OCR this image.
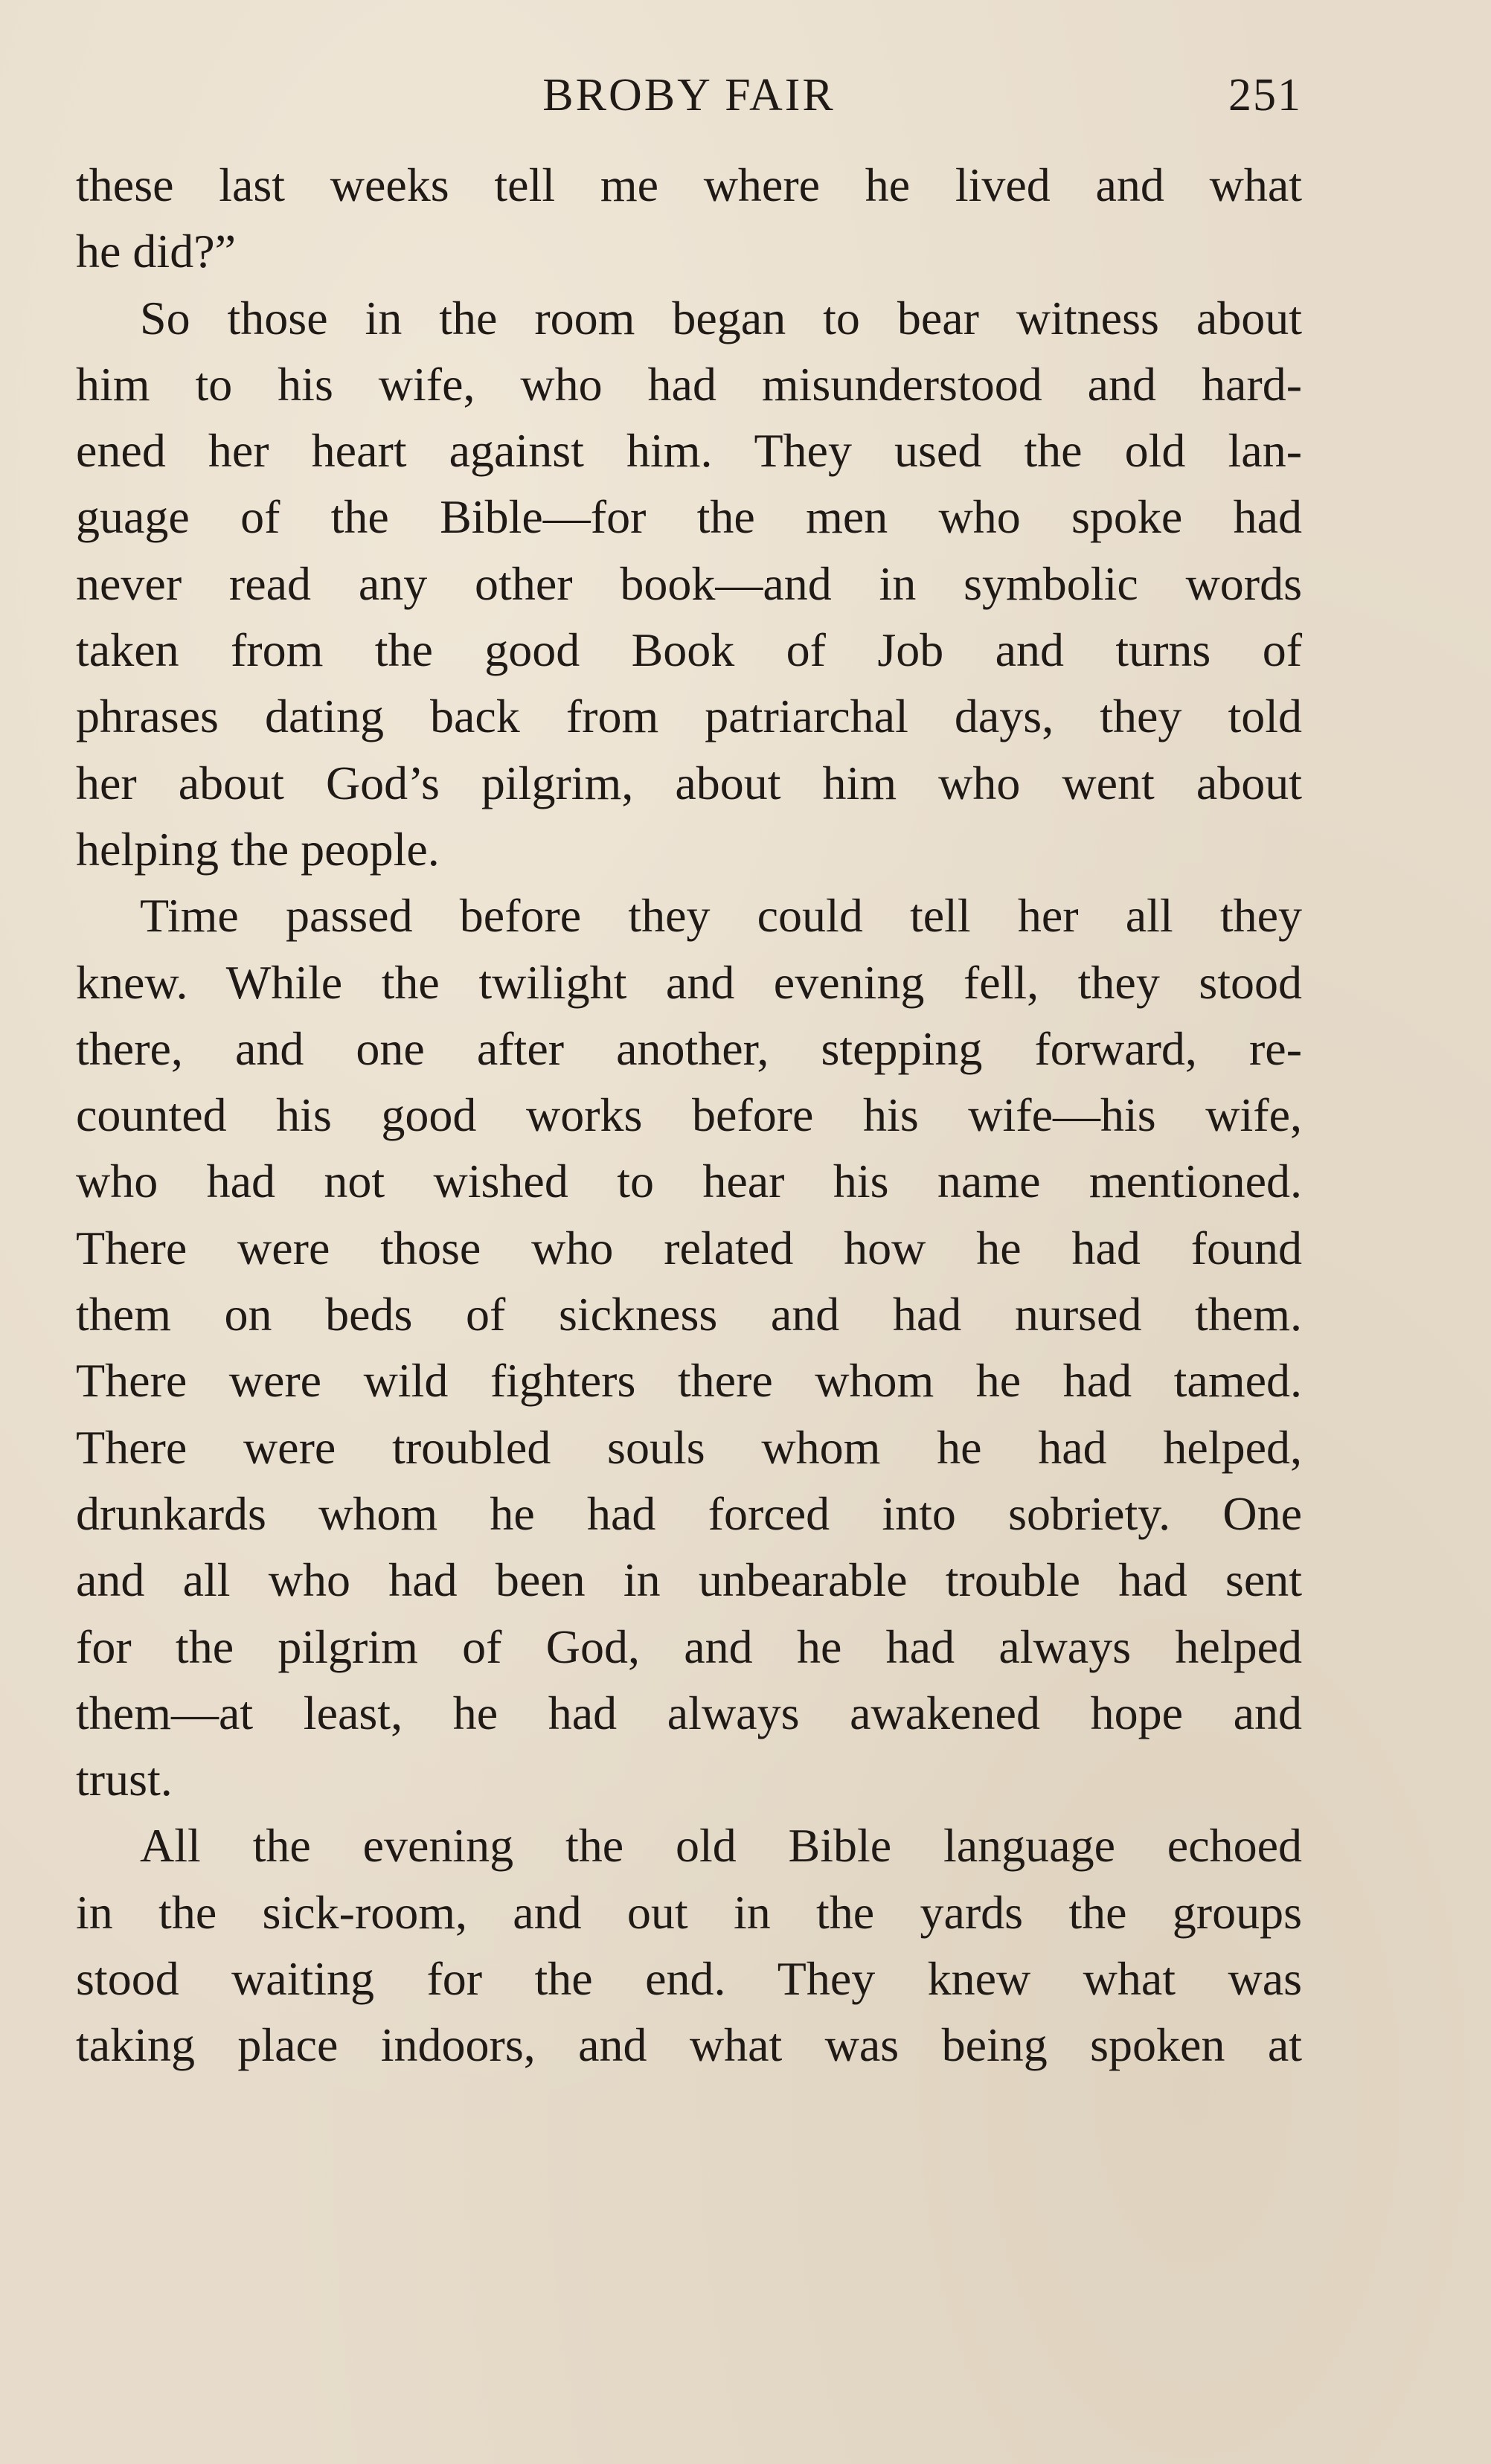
BROBY FAIR	251

these last weeks tell me where he lived and what
he did?”

So those in the room began to bear witness about
him to his wife, who had misunderstood and hard-
ened her heart against him. They used the old lan-
guage of the Bible—for the men who spoke had
never read any other book—and in symbolic words
taken from the good Book of Job and turns of
phrases dating back from patriarchal days, they told
her about God’s pilgrim, about him who went about
helping the people.

Time passed before they could tell her all they
knew. While the twilight and evening fell, they stood
there, and one after another, stepping forward, re-
counted his good works before his wife—his wife,
who had not wished to hear his name mentioned.
There were those who related how he had found
them on beds of sickness and had nursed them.
There were wild fighters there whom he had tamed.
There were troubled souls whom he had helped,
drunkards whom he had forced into sobriety. One
and all who had been in unbearable trouble had sent
for the pilgrim of God, and he had always helped
them—at least, he had always awakened hope and
trust.

All the evening the old Bible language echoed
in the sick-room, and out in the yards the groups
stood waiting for the end. They knew what was
taking place indoors, and what was being spoken at
